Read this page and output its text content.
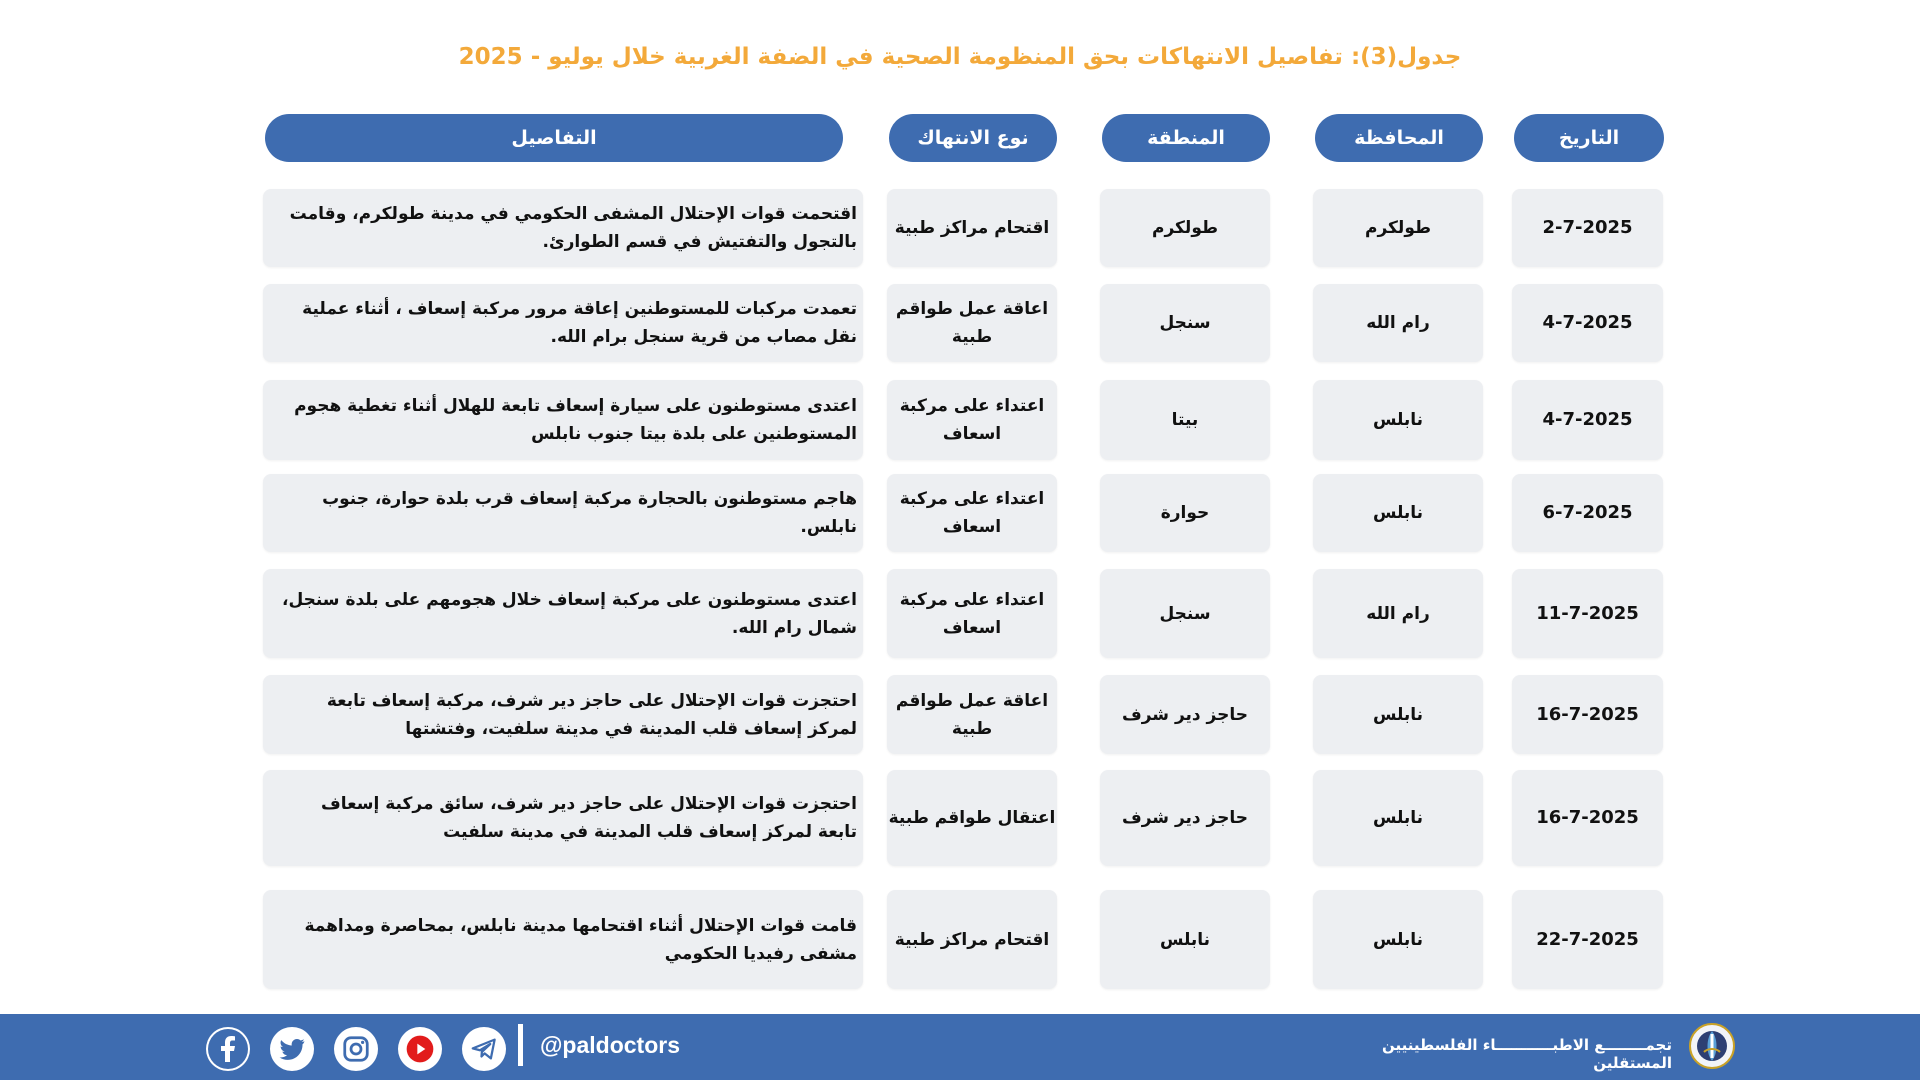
جدول(3): تفاصيل الانتهاكات بحق المنظومة الصحية في الضفة الغربية خلال يوليو - 2025
التاريخ
المحافظة
المنطقة
نوع الانتهاك
التفاصيل
2-7-2025
طولكرم
طولكرم
اقتحام مراكز طبية
اقتحمت قوات الإحتلال المشفى الحكومي في مدينة طولكرم، وقامت بالتجول والتفتيش في قسم الطوارئ.
4-7-2025
رام الله
سنجل
اعاقة عمل طواقم طبية
تعمدت مركبات للمستوطنين إعاقة مرور مركبة إسعاف ، أثناء عملية نقل مصاب من قرية سنجل برام الله.
4-7-2025
نابلس
بيتا
اعتداء على مركبة اسعاف
اعتدى مستوطنون على سيارة إسعاف تابعة للهلال أثناء تغطية هجوم المستوطنين على بلدة بيتا جنوب نابلس
6-7-2025
نابلس
حوارة
اعتداء على مركبة اسعاف
هاجم مستوطنون بالحجارة مركبة إسعاف قرب بلدة حوارة، جنوب نابلس.
11-7-2025
رام الله
سنجل
اعتداء على مركبة اسعاف
اعتدى مستوطنون على مركبة إسعاف خلال هجومهم على بلدة سنجل، شمال رام الله.
16-7-2025
نابلس
حاجز دير شرف
اعاقة عمل طواقم طبية
احتجزت قوات الإحتلال على حاجز دير شرف، مركبة إسعاف تابعة لمركز إسعاف قلب المدينة في مدينة سلفيت، وفتشتها
16-7-2025
نابلس
حاجز دير شرف
اعتقال طواقم طبية
احتجزت قوات الإحتلال على حاجز دير شرف، سائق مركبة إسعاف تابعة لمركز إسعاف قلب المدينة في مدينة سلفيت
22-7-2025
نابلس
نابلس
اقتحام مراكز طبية
قامت قوات الإحتلال أثناء اقتحامها مدينة نابلس، بمحاصرة ومداهمة مشفى رفيديا الحكومي
@paldoctors	تجمــــــــع الاطبـــــــــــاء الفلسطينيين المستقلين
